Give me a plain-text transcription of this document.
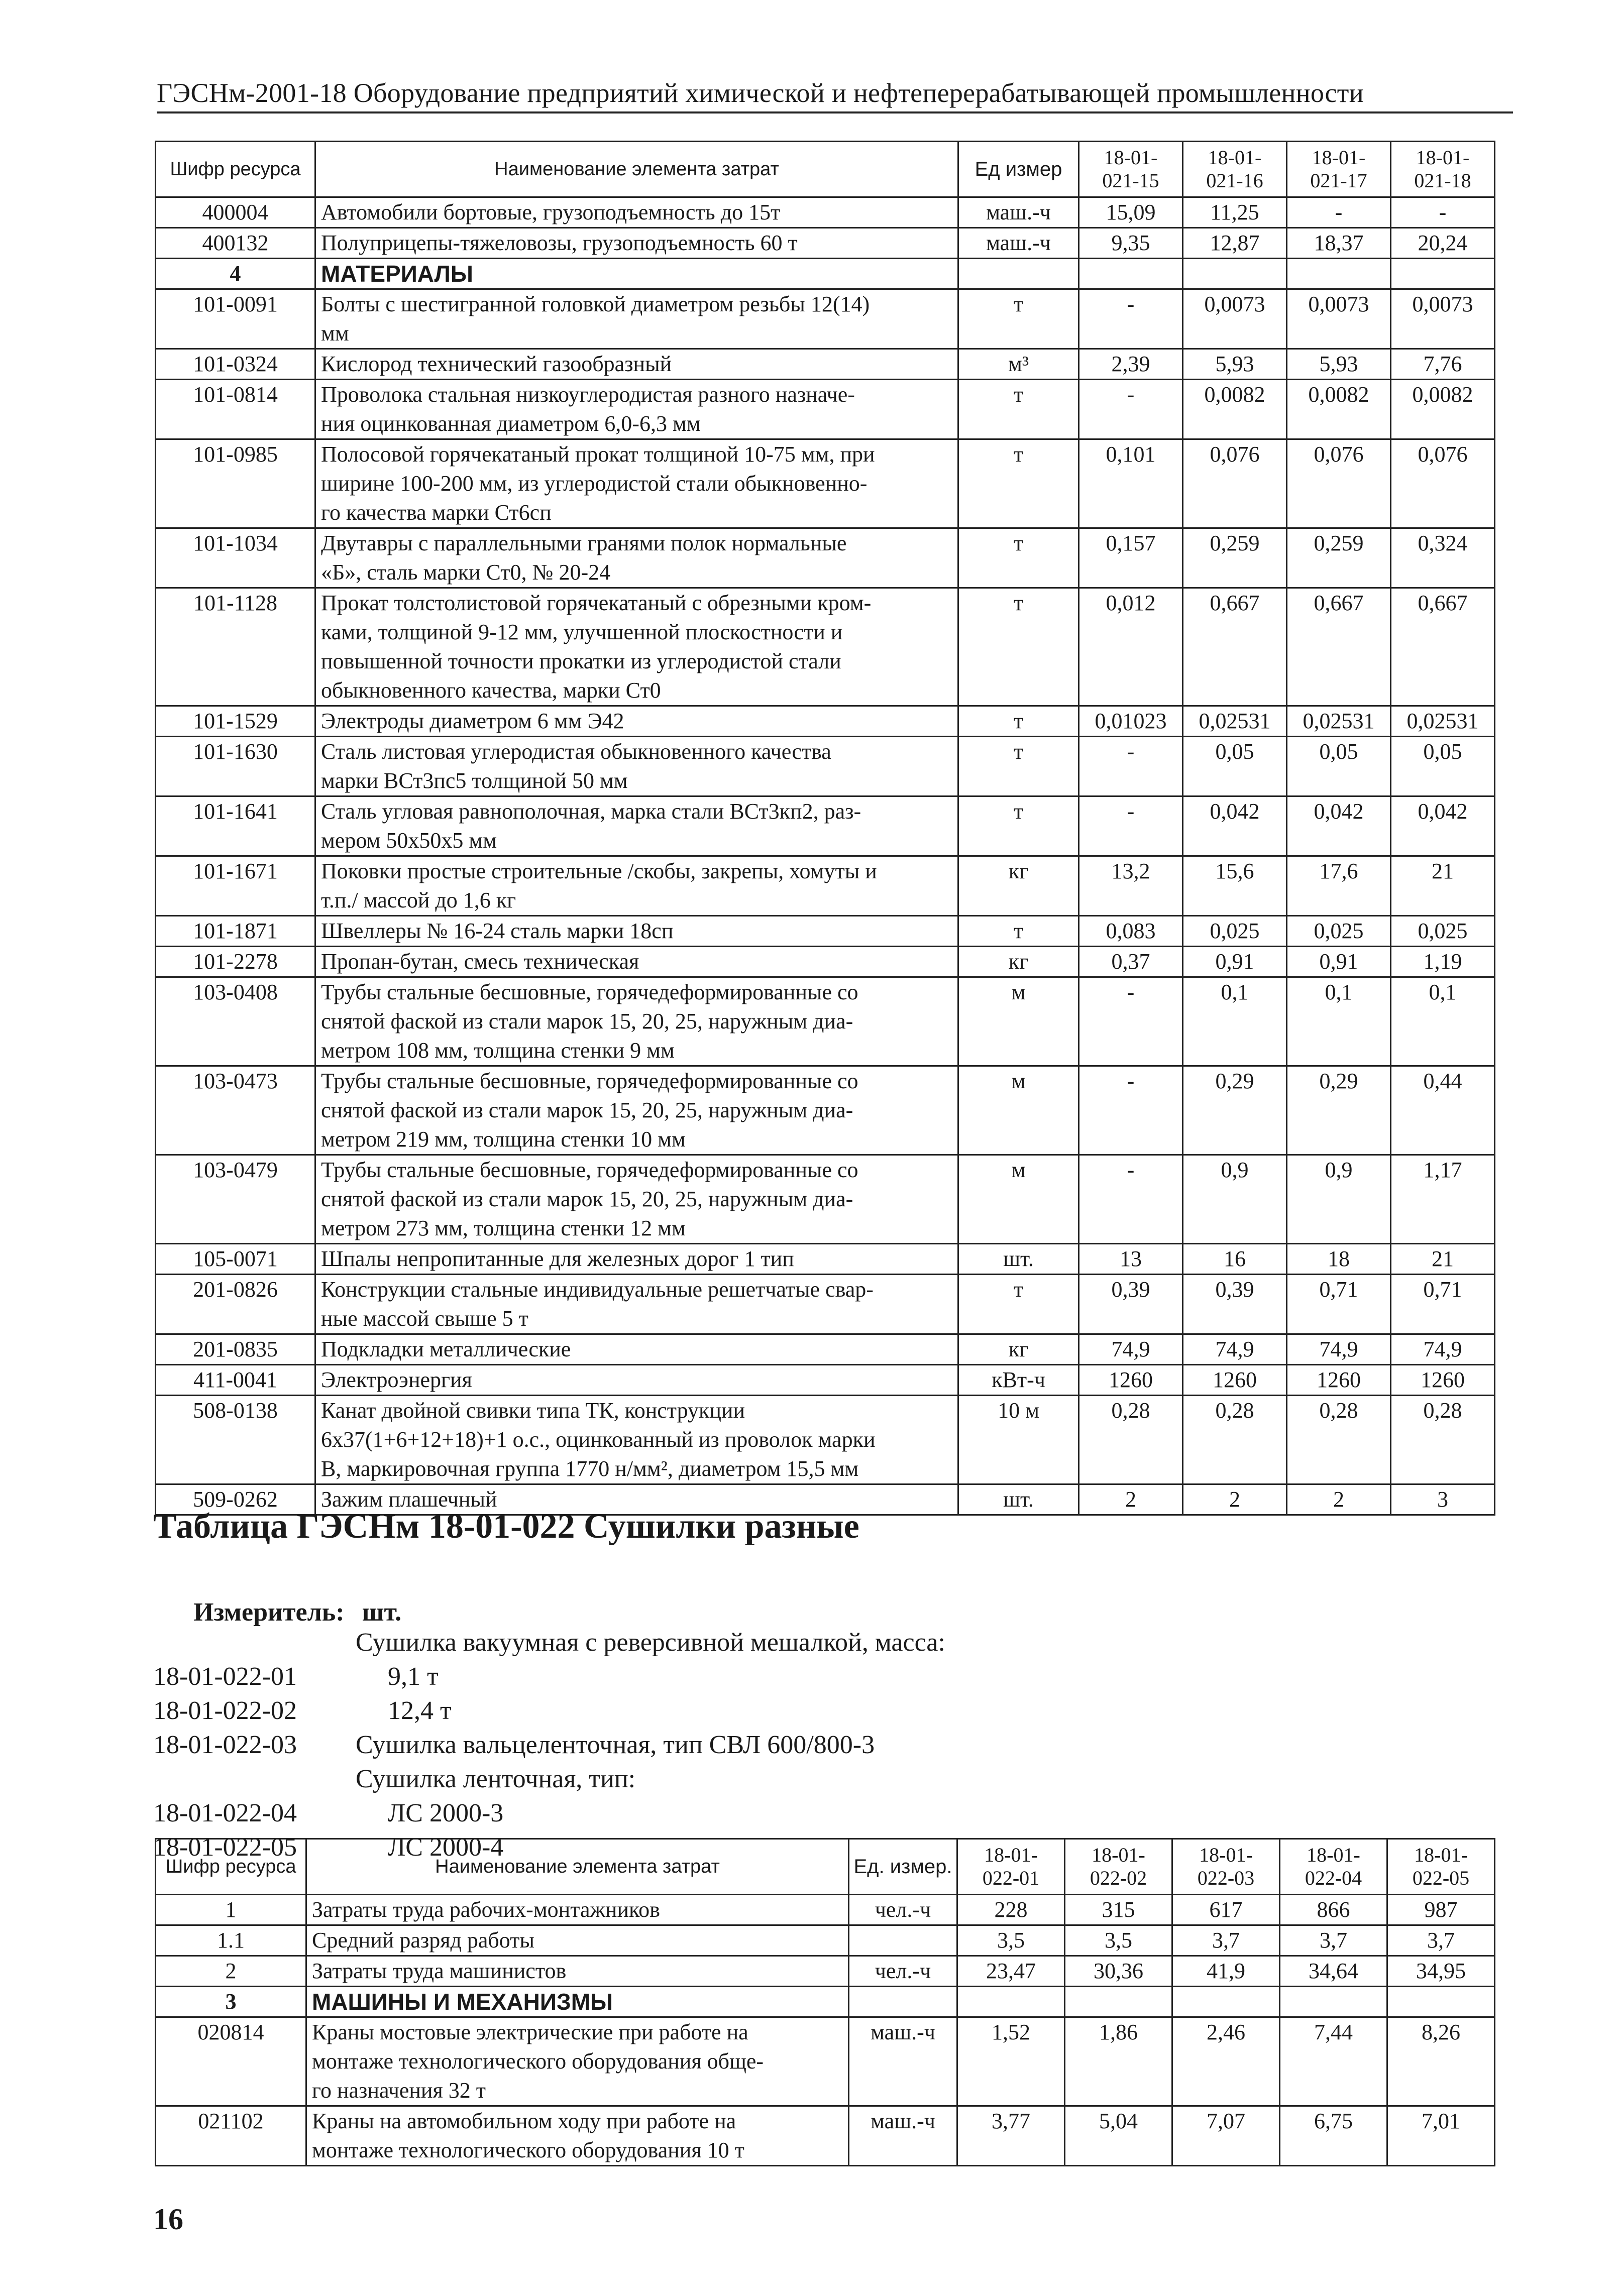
ГЭСНм-2001-18 Оборудование предприятий химической и нефтеперерабатывающей промышленности
Шифр ресурса	Наименование элемента затрат	Ед измер	18-01-
021-15	18-01-
021-16	18-01-
021-17	18-01-
021-18
400004	Автомобили бортовые, грузоподъемность до 15т	маш.-ч	15,09	11,25	-	-
400132	Полуприцепы-тяжеловозы, грузоподъемность 60 т	маш.-ч	9,35	12,87	18,37	20,24
4	МАТЕРИАЛЫ					
101-0091	Болты с шестигранной головкой диаметром резьбы 12(14)
мм	т	-	0,0073	0,0073	0,0073
101-0324	Кислород технический газообразный	м³	2,39	5,93	5,93	7,76
101-0814	Проволока стальная низкоуглеродистая разного назначе-
ния оцинкованная диаметром 6,0-6,3 мм	т	-	0,0082	0,0082	0,0082
101-0985	Полосовой горячекатаный прокат толщиной 10-75 мм, при
ширине 100-200 мм, из углеродистой стали обыкновенно-
го качества марки Ст6сп	т	0,101	0,076	0,076	0,076
101-1034	Двутавры с параллельными гранями полок нормальные
«Б», сталь марки Ст0, № 20-24	т	0,157	0,259	0,259	0,324
101-1128	Прокат толстолистовой горячекатаный с обрезными кром-
ками, толщиной 9-12 мм, улучшенной плоскостности и
повышенной точности прокатки из углеродистой стали
обыкновенного качества, марки Ст0	т	0,012	0,667	0,667	0,667
101-1529	Электроды диаметром 6 мм Э42	т	0,01023	0,02531	0,02531	0,02531
101-1630	Сталь листовая углеродистая обыкновенного качества
марки ВСт3пс5 толщиной 50 мм	т	-	0,05	0,05	0,05
101-1641	Сталь угловая равнополочная, марка стали ВСт3кп2, раз-
мером 50х50х5 мм	т	-	0,042	0,042	0,042
101-1671	Поковки простые строительные /скобы, закрепы, хомуты и
т.п./ массой до 1,6 кг	кг	13,2	15,6	17,6	21
101-1871	Швеллеры № 16-24 сталь марки 18сп	т	0,083	0,025	0,025	0,025
101-2278	Пропан-бутан, смесь техническая	кг	0,37	0,91	0,91	1,19
103-0408	Трубы стальные бесшовные, горячедеформированные со
снятой фаской из стали марок 15, 20, 25, наружным диа-
метром 108 мм, толщина стенки 9 мм	м	-	0,1	0,1	0,1
103-0473	Трубы стальные бесшовные, горячедеформированные со
снятой фаской из стали марок 15, 20, 25, наружным диа-
метром 219 мм, толщина стенки 10 мм	м	-	0,29	0,29	0,44
103-0479	Трубы стальные бесшовные, горячедеформированные со
снятой фаской из стали марок 15, 20, 25, наружным диа-
метром 273 мм, толщина стенки 12 мм	м	-	0,9	0,9	1,17
105-0071	Шпалы непропитанные для железных дорог 1 тип	шт.	13	16	18	21
201-0826	Конструкции стальные индивидуальные решетчатые свар-
ные массой свыше 5 т	т	0,39	0,39	0,71	0,71
201-0835	Подкладки металлические	кг	74,9	74,9	74,9	74,9
411-0041	Электроэнергия	кВт-ч	1260	1260	1260	1260
508-0138	Канат двойной свивки типа ТК, конструкции
6х37(1+6+12+18)+1 о.с., оцинкованный из проволок марки
В, маркировочная группа 1770 н/мм², диаметром 15,5 мм	10 м	0,28	0,28	0,28	0,28
509-0262	Зажим плашечный	шт.	2	2	2	3
Таблица ГЭСНм 18-01-022 Сушилки разные
Измеритель: шт.
Сушилка вакуумная с реверсивной мешалкой, масса:
18-01-022-01	9,1 т
18-01-022-02	12,4 т
18-01-022-03 Сушилка вальцеленточная, тип СВЛ 600/800-3
Сушилка ленточная, тип:
18-01-022-04	ЛС 2000-3
18-01-022-05	ЛС 2000-4
Шифр ресурса	Наименование элемента затрат	Ед. измер.	18-01-
022-01	18-01-
022-02	18-01-
022-03	18-01-
022-04	18-01-
022-05
1	Затраты труда рабочих-монтажников	чел.-ч	228	315	617	866	987
1.1	Средний разряд работы		3,5	3,5	3,7	3,7	3,7
2	Затраты труда машинистов	чел.-ч	23,47	30,36	41,9	34,64	34,95
3	МАШИНЫ И МЕХАНИЗМЫ						
020814	Краны мостовые электрические при работе на
монтаже технологического оборудования обще-
го назначения 32 т	маш.-ч	1,52	1,86	2,46	7,44	8,26
021102	Краны на автомобильном ходу при работе на
монтаже технологического оборудования 10 т	маш.-ч	3,77	5,04	7,07	6,75	7,01
16
